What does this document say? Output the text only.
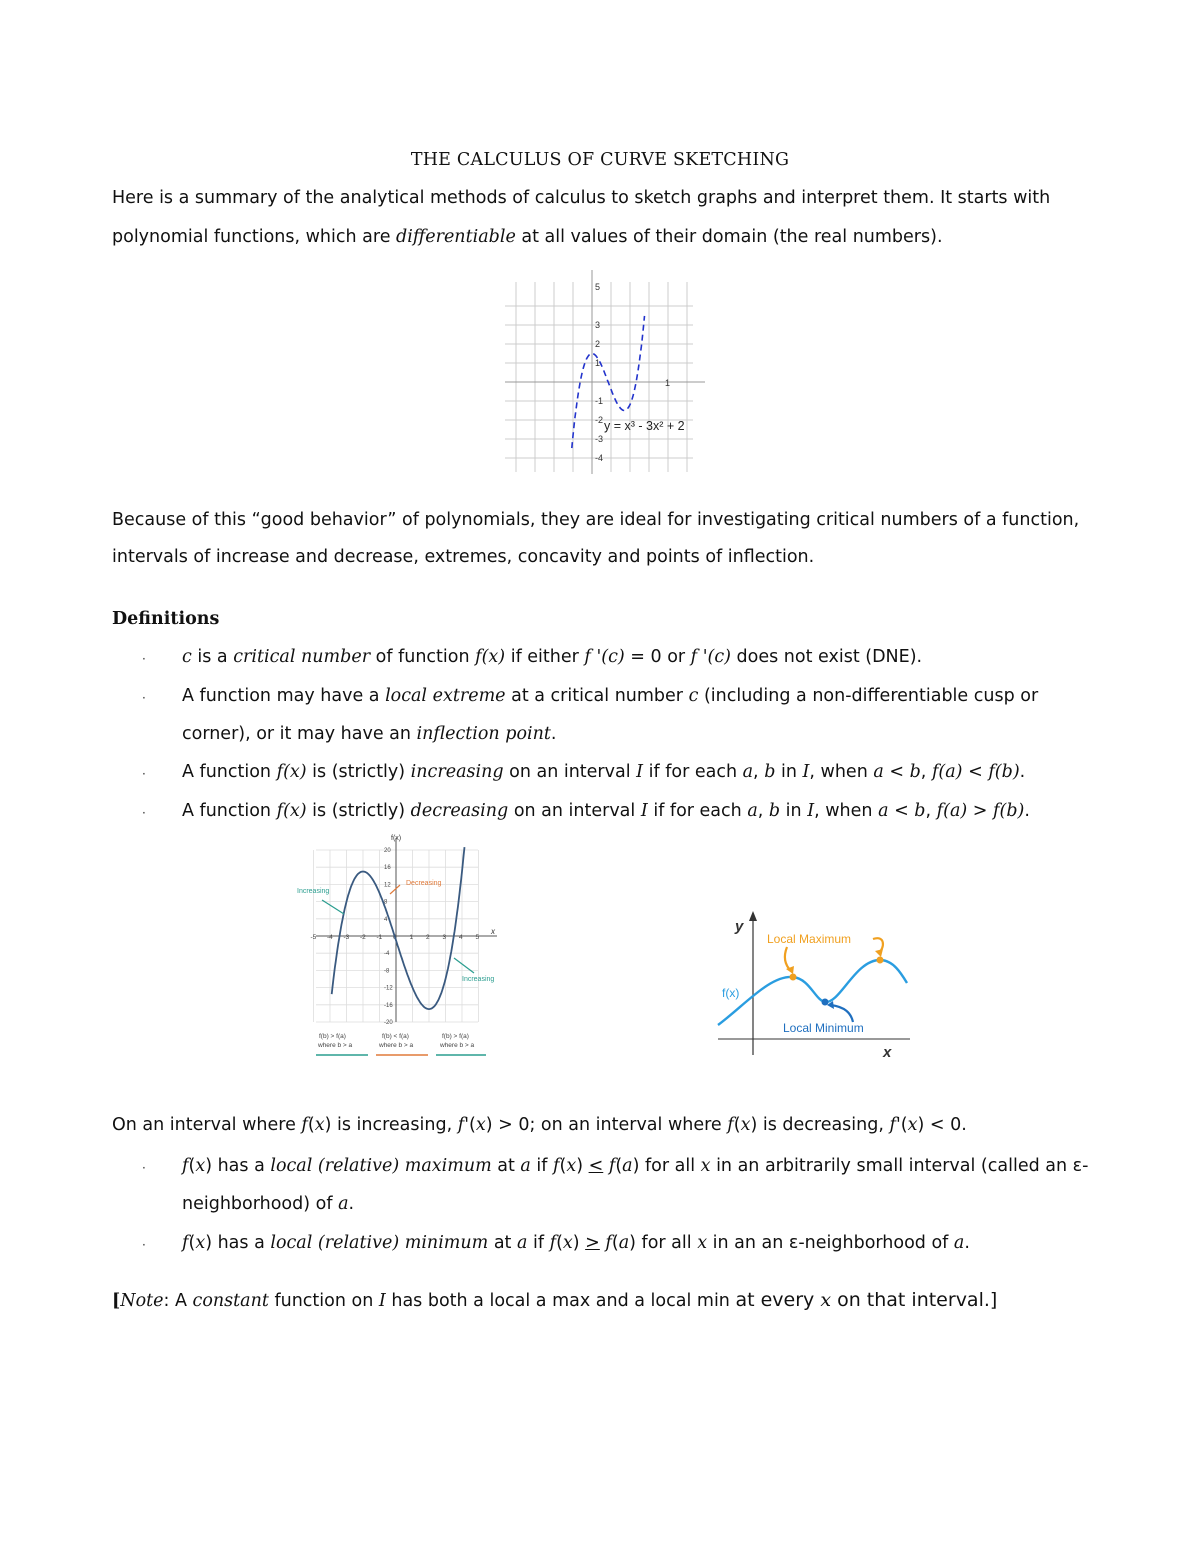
THE CALCULUS OF CURVE SKETCHING
Here is a summary of the analytical methods of calculus to sketch graphs and interpret them. It starts with
polynomial functions, which are differentiable at all values of their domain (the real numbers).
5
3
2
1
-1
-2
-3
-4
1
y = x³ - 3x² + 2
Because of this “good behavior” of polynomials, they are ideal for investigating critical numbers of a function,
intervals of increase and decrease, extremes, concavity and points of inflection.
Definitions
· c is a critical number of function f(x) if either f '(c) = 0 or f '(c) does not exist (DNE).
· A function may have a local extreme at a critical number c (including a non-differentiable cusp or
corner), or it may have an inflection point.
· A function f(x) is (strictly) increasing on an interval I if for each a, b in I, when a < b, f(a) < f(b).
· A function f(x) is (strictly) decreasing on an interval I if for each a, b in I, when a < b, f(a) > f(b).
f(x)
x
20
16
12
8
4
-4
-8
-12
-16
-20
-5 -4 -3 -2 -1 0 1 2 3 4 5
Increasing
Decreasing
Increasing
f(b) > f(a)
where b > a
f(b) < f(a)
where b > a
f(b) > f(a)
where b > a
y
x
f(x)
Local Maximum
Local Minimum
On an interval where f(x) is increasing, f'(x) > 0; on an interval where f(x) is decreasing, f'(x) < 0.
· f(x) has a local (relative) maximum at a if f(x) < f(a) for all x in an arbitrarily small interval (called an ε-
neighborhood) of a.
· f(x) has a local (relative) minimum at a if f(x) > f(a) for all x in an an ε-neighborhood of a.
[Note: A constant function on I has both a local a max and a local min at every x on that interval.]
